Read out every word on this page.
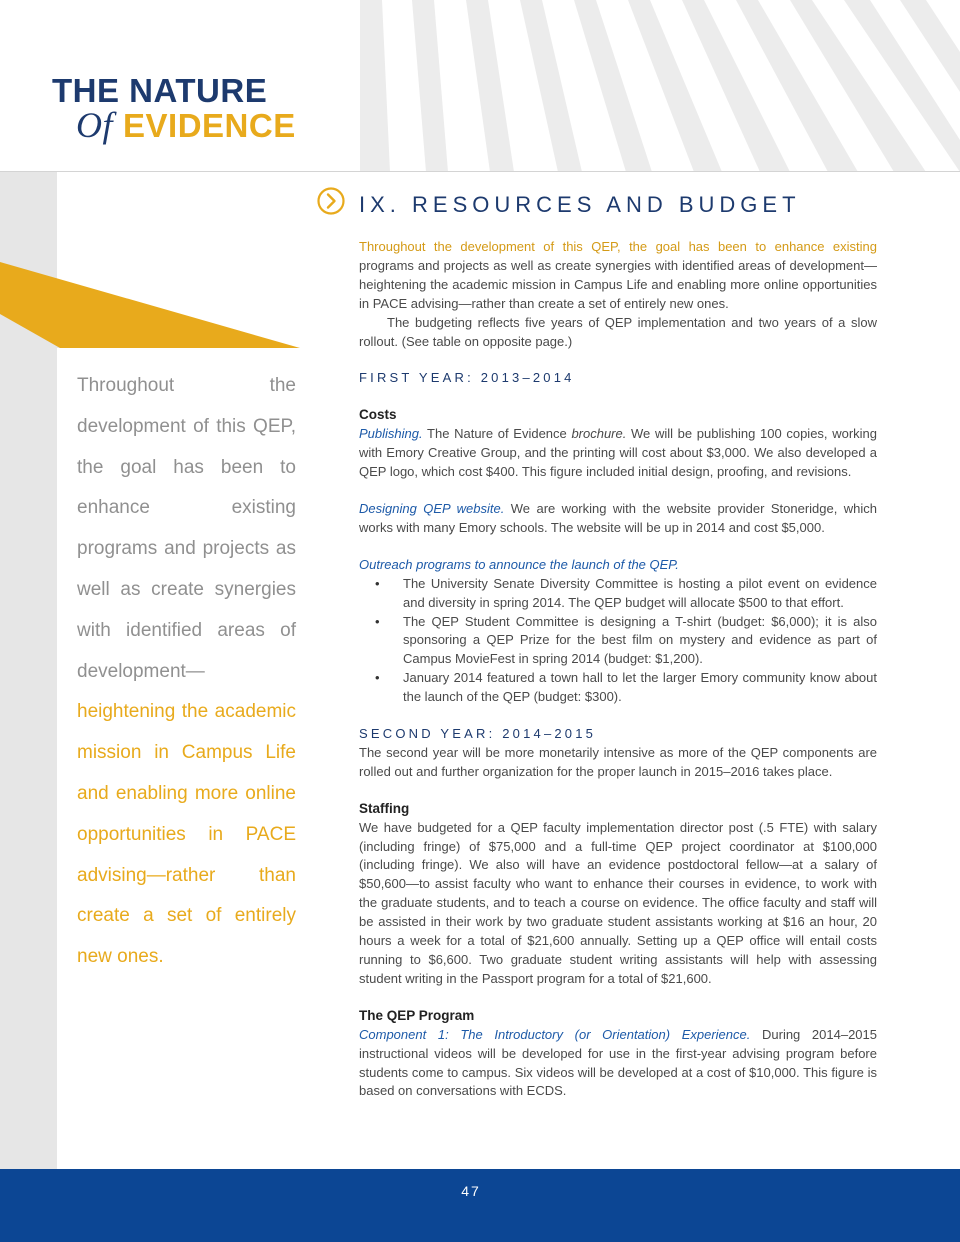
THE NATURE
Of EVIDENCE

Throughout the development of this QEP, the goal has been to enhance existing programs and projects as well as create synergies with identified areas of development—heightening the academic mission in Campus Life and enabling more online opportunities in PACE advising—rather than create a set of entirely new ones.

IX. RESOURCES AND BUDGET

Throughout the development of this QEP, the goal has been to enhance existing programs and projects as well as create synergies with identified areas of development—heightening the academic mission in Campus Life and enabling more online opportunities in PACE advising—rather than create a set of entirely new ones.

The budgeting reflects five years of QEP implementation and two years of a slow rollout. (See table on opposite page.)

FIRST YEAR: 2013–2014

Costs

Publishing. The Nature of Evidence brochure. We will be publishing 100 copies, working with Emory Creative Group, and the printing will cost about $3,000. We also developed a QEP logo, which cost $400. This figure included initial design, proofing, and revisions.

Designing QEP website. We are working with the website provider Stoneridge, which works with many Emory schools. The website will be up in 2014 and cost $5,000.

Outreach programs to announce the launch of the QEP.

• The University Senate Diversity Committee is hosting a pilot event on evidence and diversity in spring 2014. The QEP budget will allocate $500 to that effort.
• The QEP Student Committee is designing a T-shirt (budget: $6,000); it is also sponsoring a QEP Prize for the best film on mystery and evidence as part of Campus MovieFest in spring 2014 (budget: $1,200).
• January 2014 featured a town hall to let the larger Emory community know about the launch of the QEP (budget: $300).
SECOND YEAR: 2014–2015

The second year will be more monetarily intensive as more of the QEP components are rolled out and further organization for the proper launch in 2015–2016 takes place.

Staffing

We have budgeted for a QEP faculty implementation director post (.5 FTE) with salary (including fringe) of $75,000 and a full-time QEP project coordinator at $100,000 (including fringe). We also will have an evidence postdoctoral fellow—at a salary of $50,600—to assist faculty who want to enhance their courses in evidence, to work with the graduate students, and to teach a course on evidence. The office faculty and staff will be assisted in their work by two graduate student assistants working at $16 an hour, 20 hours a week for a total of $21,600 annually. Setting up a QEP office will entail costs running to $6,600. Two graduate student writing assistants will help with assessing student writing in the Passport program for a total of $21,600.

The QEP Program

Component 1: The Introductory (or Orientation) Experience. During 2014–2015 instructional videos will be developed for use in the first-year advising program before students come to campus. Six videos will be developed at a cost of $10,000. This figure is based on conversations with ECDS.

47
